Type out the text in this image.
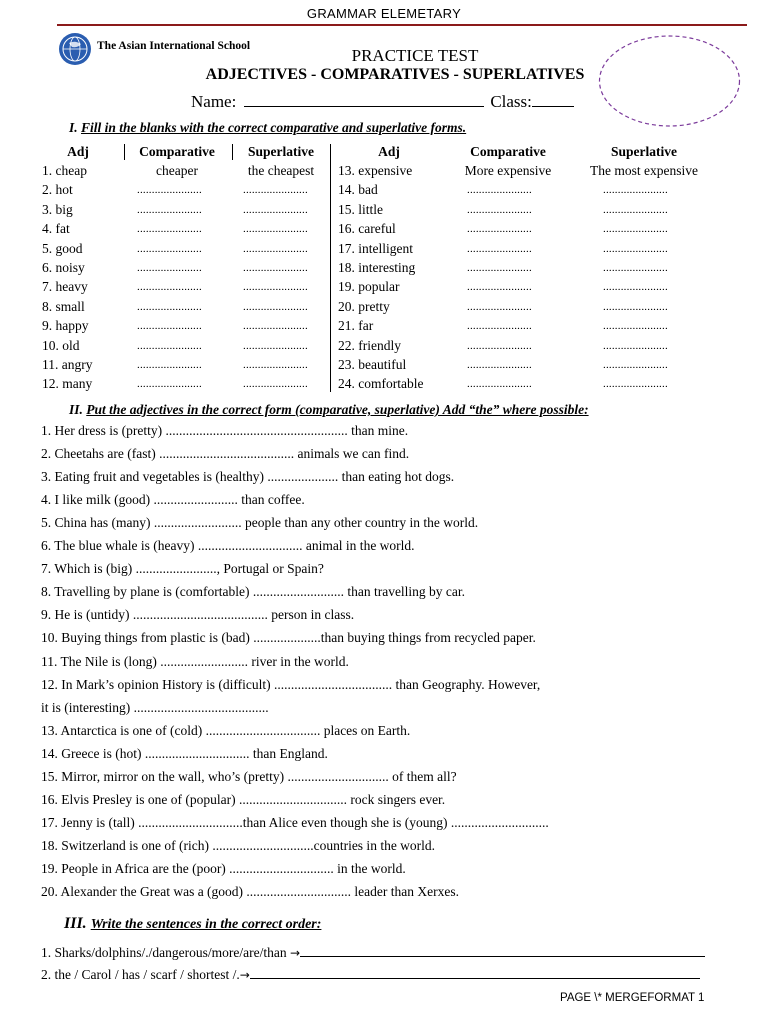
GRAMMAR ELEMETARY
The Asian International School	PRACTICE TEST
ADJECTIVES - COMPARATIVES - SUPERLATIVES
Name:	Class:
I. Fill in the blanks with the correct comparative and superlative forms.
Adj	Comparative	Superlative	Adj	Comparative	Superlative
1. cheap	cheaper	the cheapest
2. hot	......................	......................
3. big	......................	......................
4. fat	......................	......................
5. good	......................	......................
6. noisy	......................	......................
7. heavy	......................	......................
8. small	......................	......................
9. happy	......................	......................
10. old	......................	......................
11. angry	......................	......................
12. many	......................	......................
13. expensive	More expensive	The most expensive
14. bad	......................	......................
15. little	......................	......................
16. careful	......................	......................
17. intelligent	......................	......................
18. interesting	......................	......................
19. popular	......................	......................
20. pretty	......................	......................
21. far	......................	......................
22. friendly	......................	......................
23. beautiful	......................	......................
24. comfortable	......................	......................
II. Put the adjectives in the correct form (comparative, superlative) Add “the” where possible:
1. Her dress is (pretty) ...................................................... than mine.
2. Cheetahs are (fast) ........................................ animals we can find.
3. Eating fruit and vegetables is (healthy) ..................... than eating hot dogs.
4. I like milk (good) ......................... than coffee.
5. China has (many) .......................... people than any other country in the world.
6. The blue whale is (heavy) ............................... animal in the world.
7. Which is (big) ........................, Portugal or Spain?
8. Travelling by plane is (comfortable) ........................... than travelling by car.
9. He is (untidy) ........................................ person in class.
10. Buying things from plastic is (bad) ....................than buying things from recycled paper.
11. The Nile is (long) .......................... river in the world.
12. In Mark’s opinion History is (difficult) ................................... than Geography. However,
it is (interesting) ........................................
13. Antarctica is one of (cold) .................................. places on Earth.
14. Greece is (hot) ............................... than England.
15. Mirror, mirror on the wall, who’s (pretty) .............................. of them all?
16. Elvis Presley is one of (popular) ................................ rock singers ever.
17. Jenny is (tall) ...............................than Alice even though she is (young) .............................
18. Switzerland is one of (rich) ..............................countries in the world.
19. People in Africa are the (poor) ............................... in the world.
20. Alexander the Great was a (good) ............................... leader than Xerxes.
III. Write the sentences in the correct order:
1. Sharks/dolphins/./dangerous/more/are/than →
2. the / Carol / has / scarf / shortest /.→
PAGE \* MERGEFORMAT 1
